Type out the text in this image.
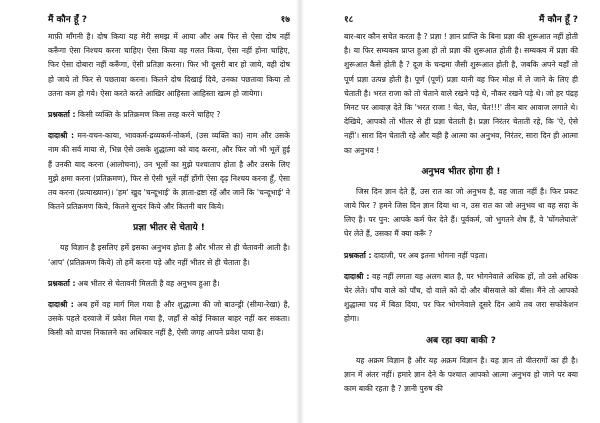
मैं कौन हूँ ?	१७

माफ़ी माँगनी है। दोष किया यह मेरी समझ में आया और अब फिर से ऐसा दोष नहीं करूँगा ऐसा निश्चय करना चाहिए। ऐसा किया वह गलत किया, ऐसा नहीं होना चाहिए, फिर ऐसा दोबारा नहीं करूँगा, ऐसी प्रतिज्ञा करना। फिर भी दूसरी बार हो जाये, वही दोष हो जाये तो फिर से पछतावा करना। कितने दोष दिखाई दिये, उनका पछतावा किया तो उतना कम हो गये। ऐसा करते करते आखिर आहिस्ता आहिस्ता खत्म हो जायेगा।

प्रश्नकर्ता : किसी व्यक्ति के प्रतिक्रमण किस तरह करने चाहिए ?

दादाश्री : मन-वचन-काया, भावकर्म-द्रव्यकर्म-नोकर्म, (उस व्यक्ति का) नाम और उसके नाम की सर्व माया से, भिन्न ऐसे उसके शुद्धात्मा को याद करना, और फिर जो भी भूलें हुई हैं उनकी याद करना (आलोचना), उन भूलों का मुझे पश्चाताप होता है और उसके लिए मुझे क्षमा करना (प्रतिक्रमण), फिर से ऐसी भूलें नहीं होंगी ऐसा दृढ़ निश्चय करना हूँ, ऐसा तय करना (प्रत्याख्यान)। 'हम' खुद 'चन्दूभाई' के ज्ञाता-द्रष्टा रहें और जानें कि 'चन्दूभाई' ने कितने प्रतिक्रमण किये, कितने सुन्दर किये और कितनी बार किये।

प्रज्ञा भीतर से चेताये !

यह विज्ञान है इसलिए हमें इसका अनुभव होता है और भीतर से ही चेतावनी आती है। 'आप' (प्रतिक्रमण किये) तो हमें करना पड़े और नहीं भीतर से ही चेताता है।

प्रश्नकर्ता : अब भीतर से चेतावनी मिलती है वह अनुभव हुआ है।

दादाश्री : अब हमें वह मार्ग मिल गया है और शुद्धात्मा की जो बाउन्ड्री (सीमा-रेखा) है, उसके पहले दरवाजे में प्रवेश मिल गया है, जहाँ से कोई निकाल बाहर नहीं कर सकता। किसी को वापस निकालने का अधिकार नहीं है, ऐसी जगह आपने प्रवेश पाया है।

१८	मैं कौन हूँ ?

बार-बार कौन सचेत करता है ? प्रज्ञा ! ज्ञान प्राप्ति के बिना प्रज्ञा की शुरूआत नहीं होती है। या फिर सम्यक्त्व प्राप्त हुआ हो तो प्रज्ञा की शुरूआत होती है। सम्यक्त्व में प्रज्ञा की शुरूआत कैसे होती है ? दूज के चन्द्रमा जैसी शुरूआत होती है, जबकि अपने यहाँ तो पूर्ण प्रज्ञा उत्पन्न होती है। पूर्ण (पूर्ण) प्रज्ञा यानी वह फिर मोक्ष में ले जाने के लिए ही चेताती है। भरत राजा को तो चेताने वाले रखने पड़े थे, नौकर रखने पड़े थे। जो हर पंद्रह मिनट पर आवाज़ देते कि 'भरत राजा ! चेत, चेत, चेत!!!' तीन बार आवाज लगाते थे। देखिये, आपको तो भीतर से ही प्रज्ञा चेताती है। प्रज्ञा निरंतर चेताती रहे, कि 'ऐ, ऐसे नहीं'। सारा दिन चेताती रहे और यही है आत्मा का अनुभव, निरंतर, सारा दिन ही आत्मा का अनुभव !

अनुभव भीतर होगा ही !

जिस दिन ज्ञान देते हैं, उस रात का जो अनुभव है, वह जाता नहीं है। फिर प्रकट जाये फिर ? हमने जिस दिन ज्ञान दिया था न, उस रात का जो अनुभव था वह सदा के लिए है। पर पुन: आपके कर्म फेर देते हैं। पूर्वकर्म, जो भुगतने शेष हैं, वे 'घोंगलेघाले' घेर लेते हैं, उसका मैं क्या करूँ ?

प्रश्नकर्ता : दादाजी, पर अब इतना भोगना नहीं पड़ता।

दादाश्री : वह नहीं लगता यह अलग बात है, पर भोगनेवाले अधिक हों, तो उसे अधिक चेर लेते। पाँच वाले को पाँच, दो वाले को दो और बीसवाले को बीस। मैंने तो आपको शुद्धात्मा पद में बिठा दिया, पर फिर भोगनेवाले दूसरे दिन आये तब जरा सफोकेशन होगा।

अब रहा क्या बाकी ?

यह अक्रम विज्ञान है और यह अक्रम विज्ञान है। यह ज्ञान तो वीतरागों का ही है। ज्ञान में अंतर नहीं। हमारे ज्ञान देने के पश्चात आपको आत्मा अनुभव हो जाने पर क्या काम बाकी रहता है ? ज्ञानी पुरुष की
